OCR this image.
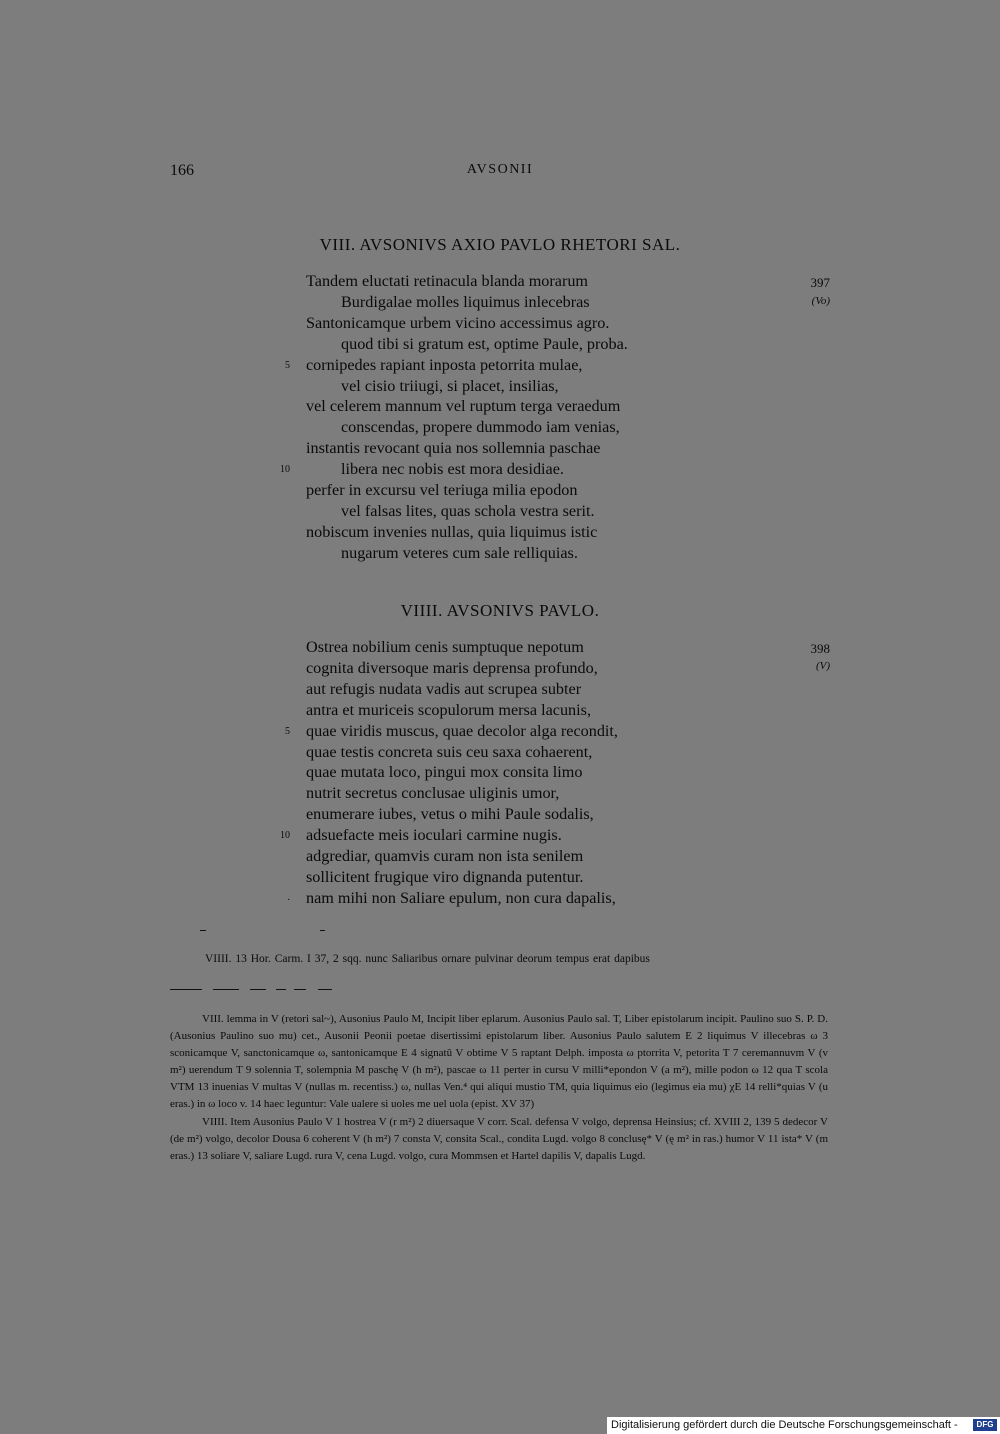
166	AVSONII
VIII. AVSONIVS AXIO PAVLO RHETORI SAL.
397
(Vo)
5
10
Tandem eluctati retinacula blanda morarum
Burdigalae molles liquimus inlecebras
Santonicamque urbem vicino accessimus agro.
quod tibi si gratum est, optime Paule, proba.
cornipedes rapiant inposta petorrita mulae,
vel cisio triiugi, si placet, insilias,
vel celerem mannum vel ruptum terga veraedum
conscendas, propere dummodo iam venias,
instantis revocant quia nos sollemnia paschae
libera nec nobis est mora desidiae.
perfer in excursu vel teriuga milia epodon
vel falsas lites, quas schola vestra serit.
nobiscum invenies nullas, quia liquimus istic
nugarum veteres cum sale relliquias.
VIIII. AVSONIVS PAVLO.
398
(V)
5
10
.
Ostrea nobilium cenis sumptuque nepotum
cognita diversoque maris deprensa profundo,
aut refugis nudata vadis aut scrupea subter
antra et muriceis scopulorum mersa lacunis,
quae viridis muscus, quae decolor alga recondit,
quae testis concreta suis ceu saxa cohaerent,
quae mutata loco, pingui mox consita limo
nutrit secretus conclusae uliginis umor,
enumerare iubes, vetus o mihi Paule sodalis,
adsuefacte meis ioculari carmine nugis.
adgrediar, quamvis curam non ista senilem
sollicitent frugique viro dignanda putentur.
nam mihi non Saliare epulum, non cura dapalis,
VIIII. 13 Hor. Carm. I 37, 2 sqq. nunc Saliaribus ornare pulvinar deorum tempus erat dapibus

VIII. lemma in V (retori sal~), Ausonius Paulo M, Incipit liber eplarum. Ausonius Paulo sal. T, Liber epistolarum incipit. Paulino suo S. P. D. (Ausonius Paulino suo mu) cet., Ausonii Peonii poetae disertissimi epistolarum liber. Ausonius Paulo salutem E 2 liquimus V illecebras ω 3 sconicamque V, sanctonicamque ω, santonicamque E 4 signatū V obtime V 5 raptant Delph. imposta ω ptorrita V, petorita T 7 ceremannuvm V (v m²) uerendum T 9 solennia T, solempnia M paschę V (h m²), pascae ω 11 perter in cursu V milli*epondon V (a m²), mille podon ω 12 qua T scola VTM 13 inuenias V multas V (nullas m. recentiss.) ω, nullas Ven.⁴ qui aliqui mustio TM, quia liquimus eio (legimus eia mu) χE 14 relli*quias V (u eras.) in ω loco v. 14 haec leguntur: Vale ualere si uoles me uel uola (epist. XV 37)

VIIII. Item Ausonius Paulo V 1 hostrea V (r m²) 2 diuersaque V corr. Scal. defensa V volgo, deprensa Heinsius; cf. XVIII 2, 139 5 dedecor V (de m²) volgo, decolor Dousa 6 coherent V (h m²) 7 consta V, consita Scal., condita Lugd. volgo 8 conclusę* V (ę m² in ras.) humor V 11 ista* V (m eras.) 13 soliare V, saliare Lugd. rura V, cena Lugd. volgo, cura Mommsen et Hartel dapilis V, dapalis Lugd.

Digitalisierung gefördert durch die Deutsche Forschungsgemeinschaft -	DFG
